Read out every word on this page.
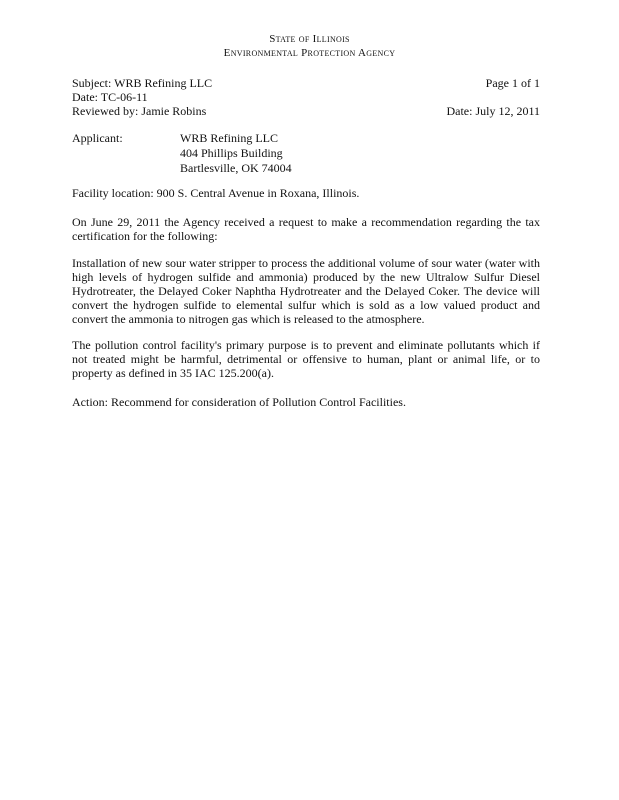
State of Illinois
Environmental Protection Agency
Subject: WRB Refining LLC	Page 1 of 1
Date: TC-06-11
Reviewed by: Jamie Robins	Date: July 12, 2011
Applicant:	WRB Refining LLC
404 Phillips Building
Bartlesville, OK 74004

Facility location: 900 S. Central Avenue in Roxana, Illinois.

On June 29, 2011 the Agency received a request to make a recommendation regarding the tax certification for the following:

Installation of new sour water stripper to process the additional volume of sour water (water with high levels of hydrogen sulfide and ammonia) produced by the new Ultralow Sulfur Diesel Hydrotreater, the Delayed Coker Naphtha Hydrotreater and the Delayed Coker. The device will convert the hydrogen sulfide to elemental sulfur which is sold as a low valued product and convert the ammonia to nitrogen gas which is released to the atmosphere.

The pollution control facility's primary purpose is to prevent and eliminate pollutants which if not treated might be harmful, detrimental or offensive to human, plant or animal life, or to property as defined in 35 IAC 125.200(a).

Action: Recommend for consideration of Pollution Control Facilities.
